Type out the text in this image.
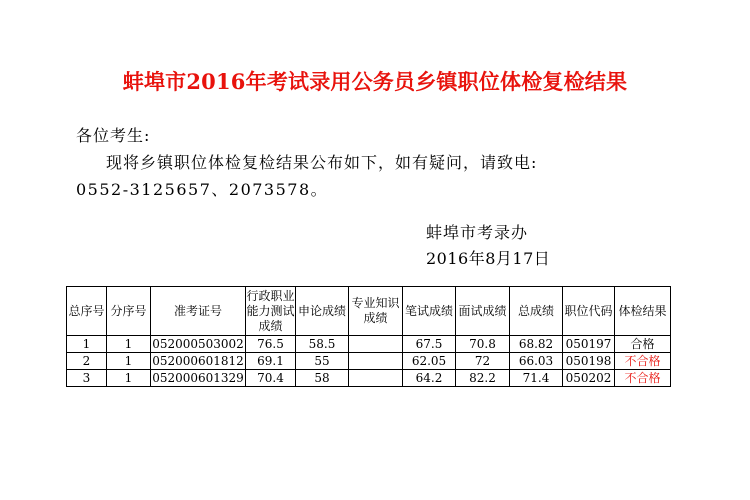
蚌埠市2016年考试录用公务员乡镇职位体检复检结果
各位考生:
现将乡镇职位体检复检结果公布如下，如有疑问，请致电:
0552-3125657、2073578。
蚌埠市考录办
2016年8月17日
总序号	分序号	准考证号	行政职业能力测试成绩	申论成绩	专业知识成绩	笔试成绩	面试成绩	总成绩	职位代码	体检结果
1	1	052000503002	76.5	58.5		67.5	70.8	68.82	050197	合格
2	1	052000601812	69.1	55		62.05	72	66.03	050198	不合格
3	1	052000601329	70.4	58		64.2	82.2	71.4	050202	不合格
